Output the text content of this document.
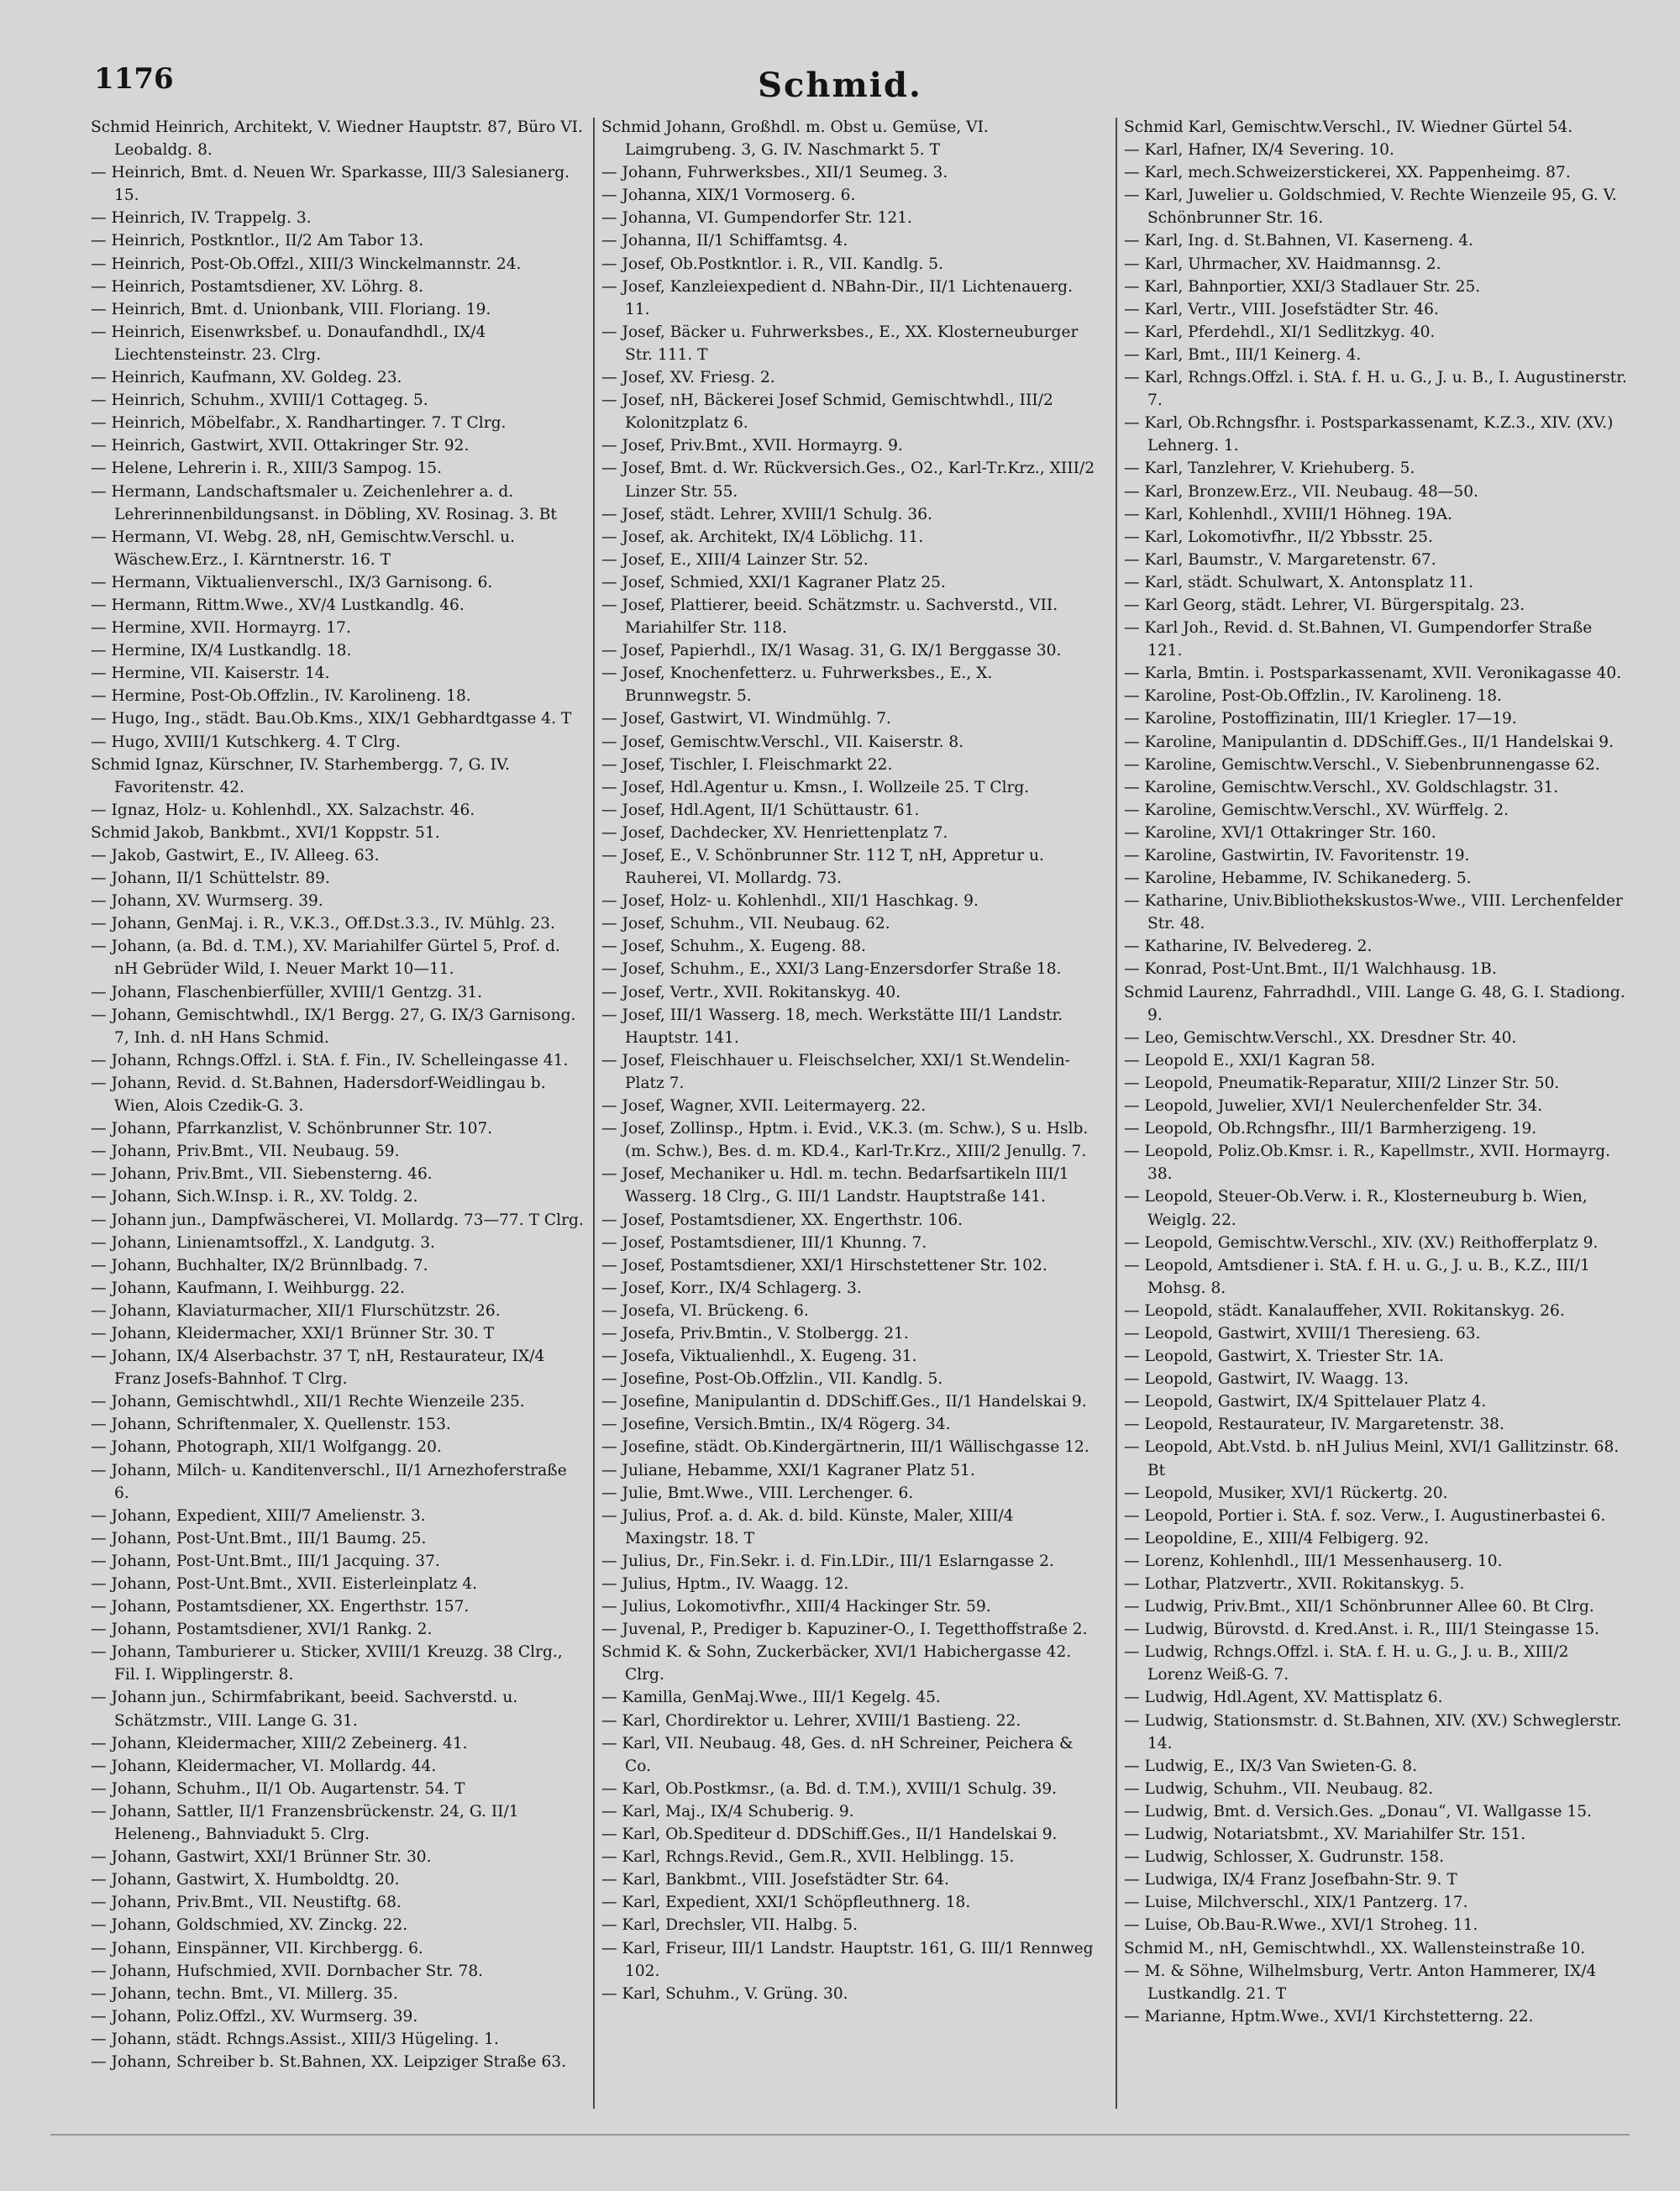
1176	Schmid.
Schmid Heinrich, Architekt, V. Wiedner Hauptstr. 87, Büro VI. Leobaldg. 8.
— Heinrich, Bmt. d. Neuen Wr. Sparkasse, III/3 Salesianerg. 15.
— Heinrich, IV. Trappelg. 3.
— Heinrich, Postkntlor., II/2 Am Tabor 13.
— Heinrich, Post-Ob.Offzl., XIII/3 Winckelmannstr. 24.
— Heinrich, Postamtsdiener, XV. Löhrg. 8.
— Heinrich, Bmt. d. Unionbank, VIII. Floriang. 19.
— Heinrich, Eisenwrksbef. u. Donaufandhdl., IX/4 Liechtensteinstr. 23. Clrg.
— Heinrich, Kaufmann, XV. Goldeg. 23.
— Heinrich, Schuhm., XVIII/1 Cottageg. 5.
— Heinrich, Möbelfabr., X. Randhartinger. 7. T Clrg.
— Heinrich, Gastwirt, XVII. Ottakringer Str. 92.
— Helene, Lehrerin i. R., XIII/3 Sampog. 15.
— Hermann, Landschaftsmaler u. Zeichenlehrer a. d. Lehrerinnenbildungsanst. in Döbling, XV. Rosinag. 3. Bt
— Hermann, VI. Webg. 28, nH, Gemischtw.Verschl. u. Wäschew.Erz., I. Kärntnerstr. 16. T
— Hermann, Viktualienverschl., IX/3 Garnisong. 6.
— Hermann, Rittm.Wwe., XV/4 Lustkandlg. 46.
— Hermine, XVII. Hormayrg. 17.
— Hermine, IX/4 Lustkandlg. 18.
— Hermine, VII. Kaiserstr. 14.
— Hermine, Post-Ob.Offzlin., IV. Karolineng. 18.
— Hugo, Ing., städt. Bau.Ob.Kms., XIX/1 Gebhardtgasse 4. T
— Hugo, XVIII/1 Kutschkerg. 4. T Clrg.
Schmid Ignaz, Kürschner, IV. Starhembergg. 7, G. IV. Favoritenstr. 42.
— Ignaz, Holz- u. Kohlenhdl., XX. Salzachstr. 46.
Schmid Jakob, Bankbmt., XVI/1 Koppstr. 51.
— Jakob, Gastwirt, E., IV. Alleeg. 63.
— Johann, II/1 Schüttelstr. 89.
— Johann, XV. Wurmserg. 39.
— Johann, GenMaj. i. R., V.K.3., Off.Dst.3.3., IV. Mühlg. 23.
— Johann, (a. Bd. d. T.M.), XV. Mariahilfer Gürtel 5, Prof. d. nH Gebrüder Wild, I. Neuer Markt 10—11.
— Johann, Flaschenbierfüller, XVIII/1 Gentzg. 31.
— Johann, Gemischtwhdl., IX/1 Bergg. 27, G. IX/3 Garnisong. 7, Inh. d. nH Hans Schmid.
— Johann, Rchngs.Offzl. i. StA. f. Fin., IV. Schelleingasse 41.
— Johann, Revid. d. St.Bahnen, Hadersdorf-Weidlingau b. Wien, Alois Czedik-G. 3.
— Johann, Pfarrkanzlist, V. Schönbrunner Str. 107.
— Johann, Priv.Bmt., VII. Neubaug. 59.
— Johann, Priv.Bmt., VII. Siebensterng. 46.
— Johann, Sich.W.Insp. i. R., XV. Toldg. 2.
— Johann jun., Dampfwäscherei, VI. Mollardg. 73—77. T Clrg.
— Johann, Linienamtsoffzl., X. Landgutg. 3.
— Johann, Buchhalter, IX/2 Brünnlbadg. 7.
— Johann, Kaufmann, I. Weihburgg. 22.
— Johann, Klaviaturmacher, XII/1 Flurschützstr. 26.
— Johann, Kleidermacher, XXI/1 Brünner Str. 30. T
— Johann, IX/4 Alserbachstr. 37 T, nH, Restaurateur, IX/4 Franz Josefs-Bahnhof. T Clrg.
— Johann, Gemischtwhdl., XII/1 Rechte Wienzeile 235.
— Johann, Schriftenmaler, X. Quellenstr. 153.
— Johann, Photograph, XII/1 Wolfgangg. 20.
— Johann, Milch- u. Kanditenverschl., II/1 Arnezhoferstraße 6.
— Johann, Expedient, XIII/7 Amelienstr. 3.
— Johann, Post-Unt.Bmt., III/1 Baumg. 25.
— Johann, Post-Unt.Bmt., III/1 Jacquing. 37.
— Johann, Post-Unt.Bmt., XVII. Eisterleinplatz 4.
— Johann, Postamtsdiener, XX. Engerthstr. 157.
— Johann, Postamtsdiener, XVI/1 Rankg. 2.
— Johann, Tamburierer u. Sticker, XVIII/1 Kreuzg. 38 Clrg., Fil. I. Wipplingerstr. 8.
— Johann jun., Schirmfabrikant, beeid. Sachverstd. u. Schätzmstr., VIII. Lange G. 31.
— Johann, Kleidermacher, XIII/2 Zebeinerg. 41.
— Johann, Kleidermacher, VI. Mollardg. 44.
— Johann, Schuhm., II/1 Ob. Augartenstr. 54. T
— Johann, Sattler, II/1 Franzensbrückenstr. 24, G. II/1 Heleneng., Bahnviadukt 5. Clrg.
— Johann, Gastwirt, XXI/1 Brünner Str. 30.
— Johann, Gastwirt, X. Humboldtg. 20.
— Johann, Priv.Bmt., VII. Neustiftg. 68.
— Johann, Goldschmied, XV. Zinckg. 22.
— Johann, Einspänner, VII. Kirchbergg. 6.
— Johann, Hufschmied, XVII. Dornbacher Str. 78.
— Johann, techn. Bmt., VI. Millerg. 35.
— Johann, Poliz.Offzl., XV. Wurmserg. 39.
— Johann, städt. Rchngs.Assist., XIII/3 Hügeling. 1.
— Johann, Schreiber b. St.Bahnen, XX. Leipziger Straße 63.
Schmid Johann, Großhdl. m. Obst u. Gemüse, VI. Laimgrubeng. 3, G. IV. Naschmarkt 5. T
— Johann, Fuhrwerksbes., XII/1 Seumeg. 3.
— Johanna, XIX/1 Vormoserg. 6.
— Johanna, VI. Gumpendorfer Str. 121.
— Johanna, II/1 Schiffamtsg. 4.
— Josef, Ob.Postkntlor. i. R., VII. Kandlg. 5.
— Josef, Kanzleiexpedient d. NBahn-Dir., II/1 Lichtenauerg. 11.
— Josef, Bäcker u. Fuhrwerksbes., E., XX. Klosterneuburger Str. 111. T
— Josef, XV. Friesg. 2.
— Josef, nH, Bäckerei Josef Schmid, Gemischtwhdl., III/2 Kolonitzplatz 6.
— Josef, Priv.Bmt., XVII. Hormayrg. 9.
— Josef, Bmt. d. Wr. Rückversich.Ges., O2., Karl-Tr.Krz., XIII/2 Linzer Str. 55.
— Josef, städt. Lehrer, XVIII/1 Schulg. 36.
— Josef, ak. Architekt, IX/4 Löblichg. 11.
— Josef, E., XIII/4 Lainzer Str. 52.
— Josef, Schmied, XXI/1 Kagraner Platz 25.
— Josef, Plattierer, beeid. Schätzmstr. u. Sachverstd., VII. Mariahilfer Str. 118.
— Josef, Papierhdl., IX/1 Wasag. 31, G. IX/1 Berggasse 30.
— Josef, Knochenfetterz. u. Fuhrwerksbes., E., X. Brunnwegstr. 5.
— Josef, Gastwirt, VI. Windmühlg. 7.
— Josef, Gemischtw.Verschl., VII. Kaiserstr. 8.
— Josef, Tischler, I. Fleischmarkt 22.
— Josef, Hdl.Agentur u. Kmsn., I. Wollzeile 25. T Clrg.
— Josef, Hdl.Agent, II/1 Schüttaustr. 61.
— Josef, Dachdecker, XV. Henriettenplatz 7.
— Josef, E., V. Schönbrunner Str. 112 T, nH, Appretur u. Rauherei, VI. Mollardg. 73.
— Josef, Holz- u. Kohlenhdl., XII/1 Haschkag. 9.
— Josef, Schuhm., VII. Neubaug. 62.
— Josef, Schuhm., X. Eugeng. 88.
— Josef, Schuhm., E., XXI/3 Lang-Enzersdorfer Straße 18.
— Josef, Vertr., XVII. Rokitanskyg. 40.
— Josef, III/1 Wasserg. 18, mech. Werkstätte III/1 Landstr. Hauptstr. 141.
— Josef, Fleischhauer u. Fleischselcher, XXI/1 St.Wendelin-Platz 7.
— Josef, Wagner, XVII. Leitermayerg. 22.
— Josef, Zollinsp., Hptm. i. Evid., V.K.3. (m. Schw.), S u. Hslb. (m. Schw.), Bes. d. m. KD.4., Karl-Tr.Krz., XIII/2 Jenullg. 7.
— Josef, Mechaniker u. Hdl. m. techn. Bedarfsartikeln III/1 Wasserg. 18 Clrg., G. III/1 Landstr. Hauptstraße 141.
— Josef, Postamtsdiener, XX. Engerthstr. 106.
— Josef, Postamtsdiener, III/1 Khunng. 7.
— Josef, Postamtsdiener, XXI/1 Hirschstettener Str. 102.
— Josef, Korr., IX/4 Schlagerg. 3.
— Josefa, VI. Brückeng. 6.
— Josefa, Priv.Bmtin., V. Stolbergg. 21.
— Josefa, Viktualienhdl., X. Eugeng. 31.
— Josefine, Post-Ob.Offzlin., VII. Kandlg. 5.
— Josefine, Manipulantin d. DDSchiff.Ges., II/1 Handelskai 9.
— Josefine, Versich.Bmtin., IX/4 Rögerg. 34.
— Josefine, städt. Ob.Kindergärtnerin, III/1 Wällischgasse 12.
— Juliane, Hebamme, XXI/1 Kagraner Platz 51.
— Julie, Bmt.Wwe., VIII. Lerchenger. 6.
— Julius, Prof. a. d. Ak. d. bild. Künste, Maler, XIII/4 Maxingstr. 18. T
— Julius, Dr., Fin.Sekr. i. d. Fin.LDir., III/1 Eslarngasse 2.
— Julius, Hptm., IV. Waagg. 12.
— Julius, Lokomotivfhr., XIII/4 Hackinger Str. 59.
— Juvenal, P., Prediger b. Kapuziner-O., I. Tegetthoffstraße 2.
Schmid K. & Sohn, Zuckerbäcker, XVI/1 Habichergasse 42. Clrg.
— Kamilla, GenMaj.Wwe., III/1 Kegelg. 45.
— Karl, Chordirektor u. Lehrer, XVIII/1 Bastieng. 22.
— Karl, VII. Neubaug. 48, Ges. d. nH Schreiner, Peichera & Co.
— Karl, Ob.Postkmsr., (a. Bd. d. T.M.), XVIII/1 Schulg. 39.
— Karl, Maj., IX/4 Schuberig. 9.
— Karl, Ob.Spediteur d. DDSchiff.Ges., II/1 Handelskai 9.
— Karl, Rchngs.Revid., Gem.R., XVII. Helblingg. 15.
— Karl, Bankbmt., VIII. Josefstädter Str. 64.
— Karl, Expedient, XXI/1 Schöpfleuthnerg. 18.
— Karl, Drechsler, VII. Halbg. 5.
— Karl, Friseur, III/1 Landstr. Hauptstr. 161, G. III/1 Rennweg 102.
— Karl, Schuhm., V. Grüng. 30.
Schmid Karl, Gemischtw.Verschl., IV. Wiedner Gürtel 54.
— Karl, Hafner, IX/4 Severing. 10.
— Karl, mech.Schweizerstickerei, XX. Pappenheimg. 87.
— Karl, Juwelier u. Goldschmied, V. Rechte Wienzeile 95, G. V. Schönbrunner Str. 16.
— Karl, Ing. d. St.Bahnen, VI. Kaserneng. 4.
— Karl, Uhrmacher, XV. Haidmannsg. 2.
— Karl, Bahnportier, XXI/3 Stadlauer Str. 25.
— Karl, Vertr., VIII. Josefstädter Str. 46.
— Karl, Pferdehdl., XI/1 Sedlitzkyg. 40.
— Karl, Bmt., III/1 Keinerg. 4.
— Karl, Rchngs.Offzl. i. StA. f. H. u. G., J. u. B., I. Augustinerstr. 7.
— Karl, Ob.Rchngsfhr. i. Postsparkassenamt, K.Z.3., XIV. (XV.) Lehnerg. 1.
— Karl, Tanzlehrer, V. Kriehuberg. 5.
— Karl, Bronzew.Erz., VII. Neubaug. 48—50.
— Karl, Kohlenhdl., XVIII/1 Höhneg. 19A.
— Karl, Lokomotivfhr., II/2 Ybbsstr. 25.
— Karl, Baumstr., V. Margaretenstr. 67.
— Karl, städt. Schulwart, X. Antonsplatz 11.
— Karl Georg, städt. Lehrer, VI. Bürgerspitalg. 23.
— Karl Joh., Revid. d. St.Bahnen, VI. Gumpendorfer Straße 121.
— Karla, Bmtin. i. Postsparkassenamt, XVII. Veronikagasse 40.
— Karoline, Post-Ob.Offzlin., IV. Karolineng. 18.
— Karoline, Postoffizinatin, III/1 Kriegler. 17—19.
— Karoline, Manipulantin d. DDSchiff.Ges., II/1 Handelskai 9.
— Karoline, Gemischtw.Verschl., V. Siebenbrunnengasse 62.
— Karoline, Gemischtw.Verschl., XV. Goldschlagstr. 31.
— Karoline, Gemischtw.Verschl., XV. Würffelg. 2.
— Karoline, XVI/1 Ottakringer Str. 160.
— Karoline, Gastwirtin, IV. Favoritenstr. 19.
— Karoline, Hebamme, IV. Schikanederg. 5.
— Katharine, Univ.Bibliothekskustos-Wwe., VIII. Lerchenfelder Str. 48.
— Katharine, IV. Belvedereg. 2.
— Konrad, Post-Unt.Bmt., II/1 Walchhausg. 1B.
Schmid Laurenz, Fahrradhdl., VIII. Lange G. 48, G. I. Stadiong. 9.
— Leo, Gemischtw.Verschl., XX. Dresdner Str. 40.
— Leopold E., XXI/1 Kagran 58.
— Leopold, Pneumatik-Reparatur, XIII/2 Linzer Str. 50.
— Leopold, Juwelier, XVI/1 Neulerchenfelder Str. 34.
— Leopold, Ob.Rchngsfhr., III/1 Barmherzigeng. 19.
— Leopold, Poliz.Ob.Kmsr. i. R., Kapellmstr., XVII. Hormayrg. 38.
— Leopold, Steuer-Ob.Verw. i. R., Klosterneuburg b. Wien, Weiglg. 22.
— Leopold, Gemischtw.Verschl., XIV. (XV.) Reithofferplatz 9.
— Leopold, Amtsdiener i. StA. f. H. u. G., J. u. B., K.Z., III/1 Mohsg. 8.
— Leopold, städt. Kanalauffeher, XVII. Rokitanskyg. 26.
— Leopold, Gastwirt, XVIII/1 Theresieng. 63.
— Leopold, Gastwirt, X. Triester Str. 1A.
— Leopold, Gastwirt, IV. Waagg. 13.
— Leopold, Gastwirt, IX/4 Spittelauer Platz 4.
— Leopold, Restaurateur, IV. Margaretenstr. 38.
— Leopold, Abt.Vstd. b. nH Julius Meinl, XVI/1 Gallitzinstr. 68. Bt
— Leopold, Musiker, XVI/1 Rückertg. 20.
— Leopold, Portier i. StA. f. soz. Verw., I. Augustinerbastei 6.
— Leopoldine, E., XIII/4 Felbigerg. 92.
— Lorenz, Kohlenhdl., III/1 Messenhauserg. 10.
— Lothar, Platzvertr., XVII. Rokitanskyg. 5.
— Ludwig, Priv.Bmt., XII/1 Schönbrunner Allee 60. Bt Clrg.
— Ludwig, Bürovstd. d. Kred.Anst. i. R., III/1 Steingasse 15.
— Ludwig, Rchngs.Offzl. i. StA. f. H. u. G., J. u. B., XIII/2 Lorenz Weiß-G. 7.
— Ludwig, Hdl.Agent, XV. Mattisplatz 6.
— Ludwig, Stationsmstr. d. St.Bahnen, XIV. (XV.) Schweglerstr. 14.
— Ludwig, E., IX/3 Van Swieten-G. 8.
— Ludwig, Schuhm., VII. Neubaug. 82.
— Ludwig, Bmt. d. Versich.Ges. „Donau“, VI. Wallgasse 15.
— Ludwig, Notariatsbmt., XV. Mariahilfer Str. 151.
— Ludwig, Schlosser, X. Gudrunstr. 158.
— Ludwiga, IX/4 Franz Josefbahn-Str. 9. T
— Luise, Milchverschl., XIX/1 Pantzerg. 17.
— Luise, Ob.Bau-R.Wwe., XVI/1 Stroheg. 11.
Schmid M., nH, Gemischtwhdl., XX. Wallensteinstraße 10.
— M. & Söhne, Wilhelmsburg, Vertr. Anton Hammerer, IX/4 Lustkandlg. 21. T
— Marianne, Hptm.Wwe., XVI/1 Kirchstetterng. 22.
